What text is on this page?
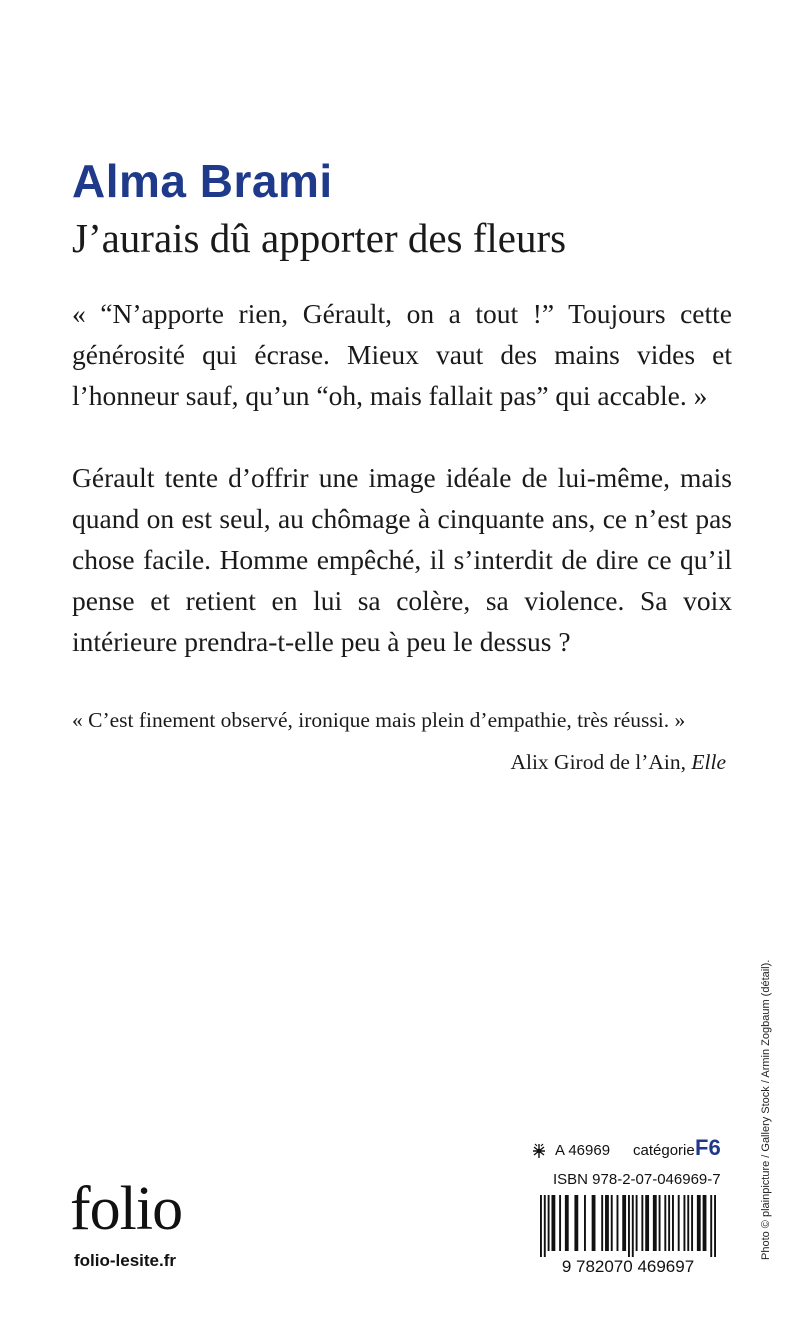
Alma Brami
J’aurais dû apporter des fleurs
« “N’apporte rien, Gérault, on a tout !” Toujours cette générosité qui écrase. Mieux vaut des mains vides et l’honneur sauf, qu’un “oh, mais fallait pas” qui accable. »
Gérault tente d’offrir une image idéale de lui-même, mais quand on est seul, au chômage à cinquante ans, ce n’est pas chose facile. Homme empêché, il s’interdit de dire ce qu’il pense et retient en lui sa colère, sa violence. Sa voix intérieure prendra-t-elle peu à peu le dessus ?
« C’est finement observé, ironique mais plein d’empathie, très réussi. »
Alix Girod de l’Ain, Elle
Photo © plainpicture / Gallery Stock / Armin Zogbaum (détail).
folio
folio-lesite.fr
A 46969 catégorie F6
ISBN 978-2-07-046969-7
9 782070 469697
